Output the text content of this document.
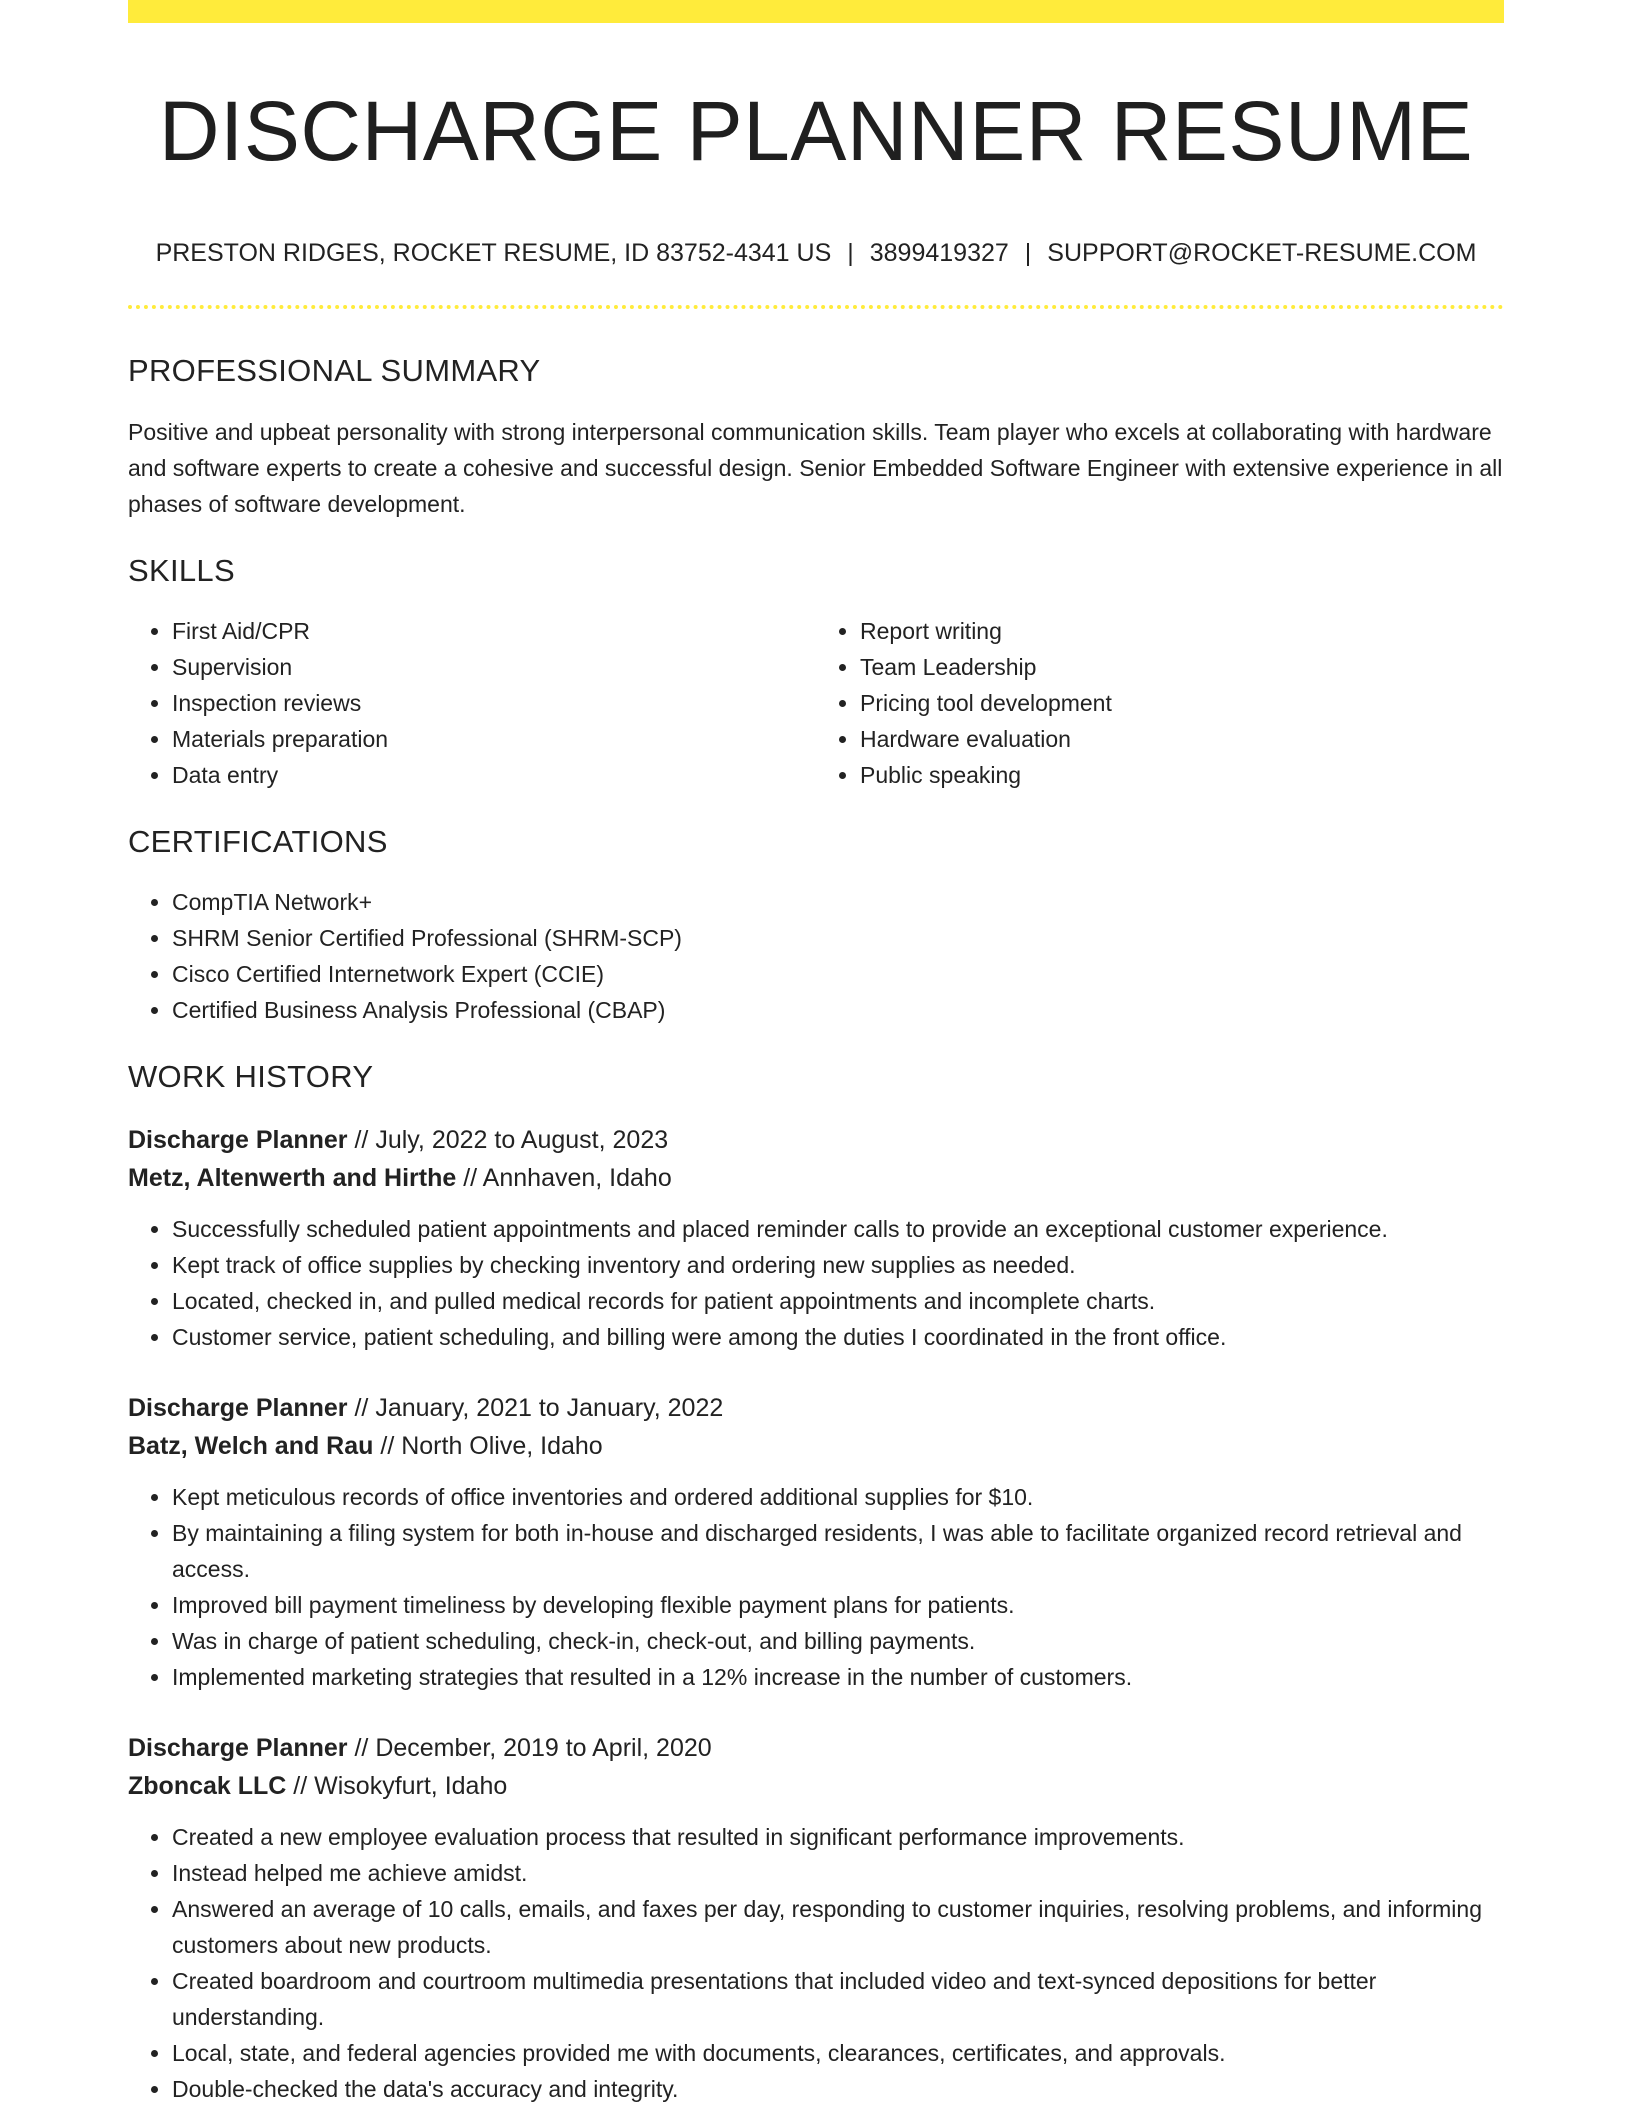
DISCHARGE PLANNER RESUME
PRESTON RIDGES, ROCKET RESUME, ID 83752-4341 US | 3899419327 | SUPPORT@ROCKET-RESUME.COM
PROFESSIONAL SUMMARY

Positive and upbeat personality with strong interpersonal communication skills. Team player who excels at collaborating with hardware and software experts to create a cohesive and successful design. Senior Embedded Software Engineer with extensive experience in all phases of software development.

SKILLS
• First Aid/CPR
• Supervision
• Inspection reviews
• Materials preparation
• Data entry
• Report writing
• Team Leadership
• Pricing tool development
• Hardware evaluation
• Public speaking
CERTIFICATIONS
• CompTIA Network+
• SHRM Senior Certified Professional (SHRM-SCP)
• Cisco Certified Internetwork Expert (CCIE)
• Certified Business Analysis Professional (CBAP)
WORK HISTORY
Discharge Planner // July, 2022 to August, 2023
Metz, Altenwerth and Hirthe // Annhaven, Idaho
• Successfully scheduled patient appointments and placed reminder calls to provide an exceptional customer experience.
• Kept track of office supplies by checking inventory and ordering new supplies as needed.
• Located, checked in, and pulled medical records for patient appointments and incomplete charts.
• Customer service, patient scheduling, and billing were among the duties I coordinated in the front office.
Discharge Planner // January, 2021 to January, 2022
Batz, Welch and Rau // North Olive, Idaho
• Kept meticulous records of office inventories and ordered additional supplies for $10.
• By maintaining a filing system for both in-house and discharged residents, I was able to facilitate organized record retrieval and access.
• Improved bill payment timeliness by developing flexible payment plans for patients.
• Was in charge of patient scheduling, check-in, check-out, and billing payments.
• Implemented marketing strategies that resulted in a 12% increase in the number of customers.
Discharge Planner // December, 2019 to April, 2020
Zboncak LLC // Wisokyfurt, Idaho
• Created a new employee evaluation process that resulted in significant performance improvements.
• Instead helped me achieve amidst.
• Answered an average of 10 calls, emails, and faxes per day, responding to customer inquiries, resolving problems, and informing customers about new products.
• Created boardroom and courtroom multimedia presentations that included video and text-synced depositions for better understanding.
• Local, state, and federal agencies provided me with documents, clearances, certificates, and approvals.
• Double-checked the data's accuracy and integrity.
